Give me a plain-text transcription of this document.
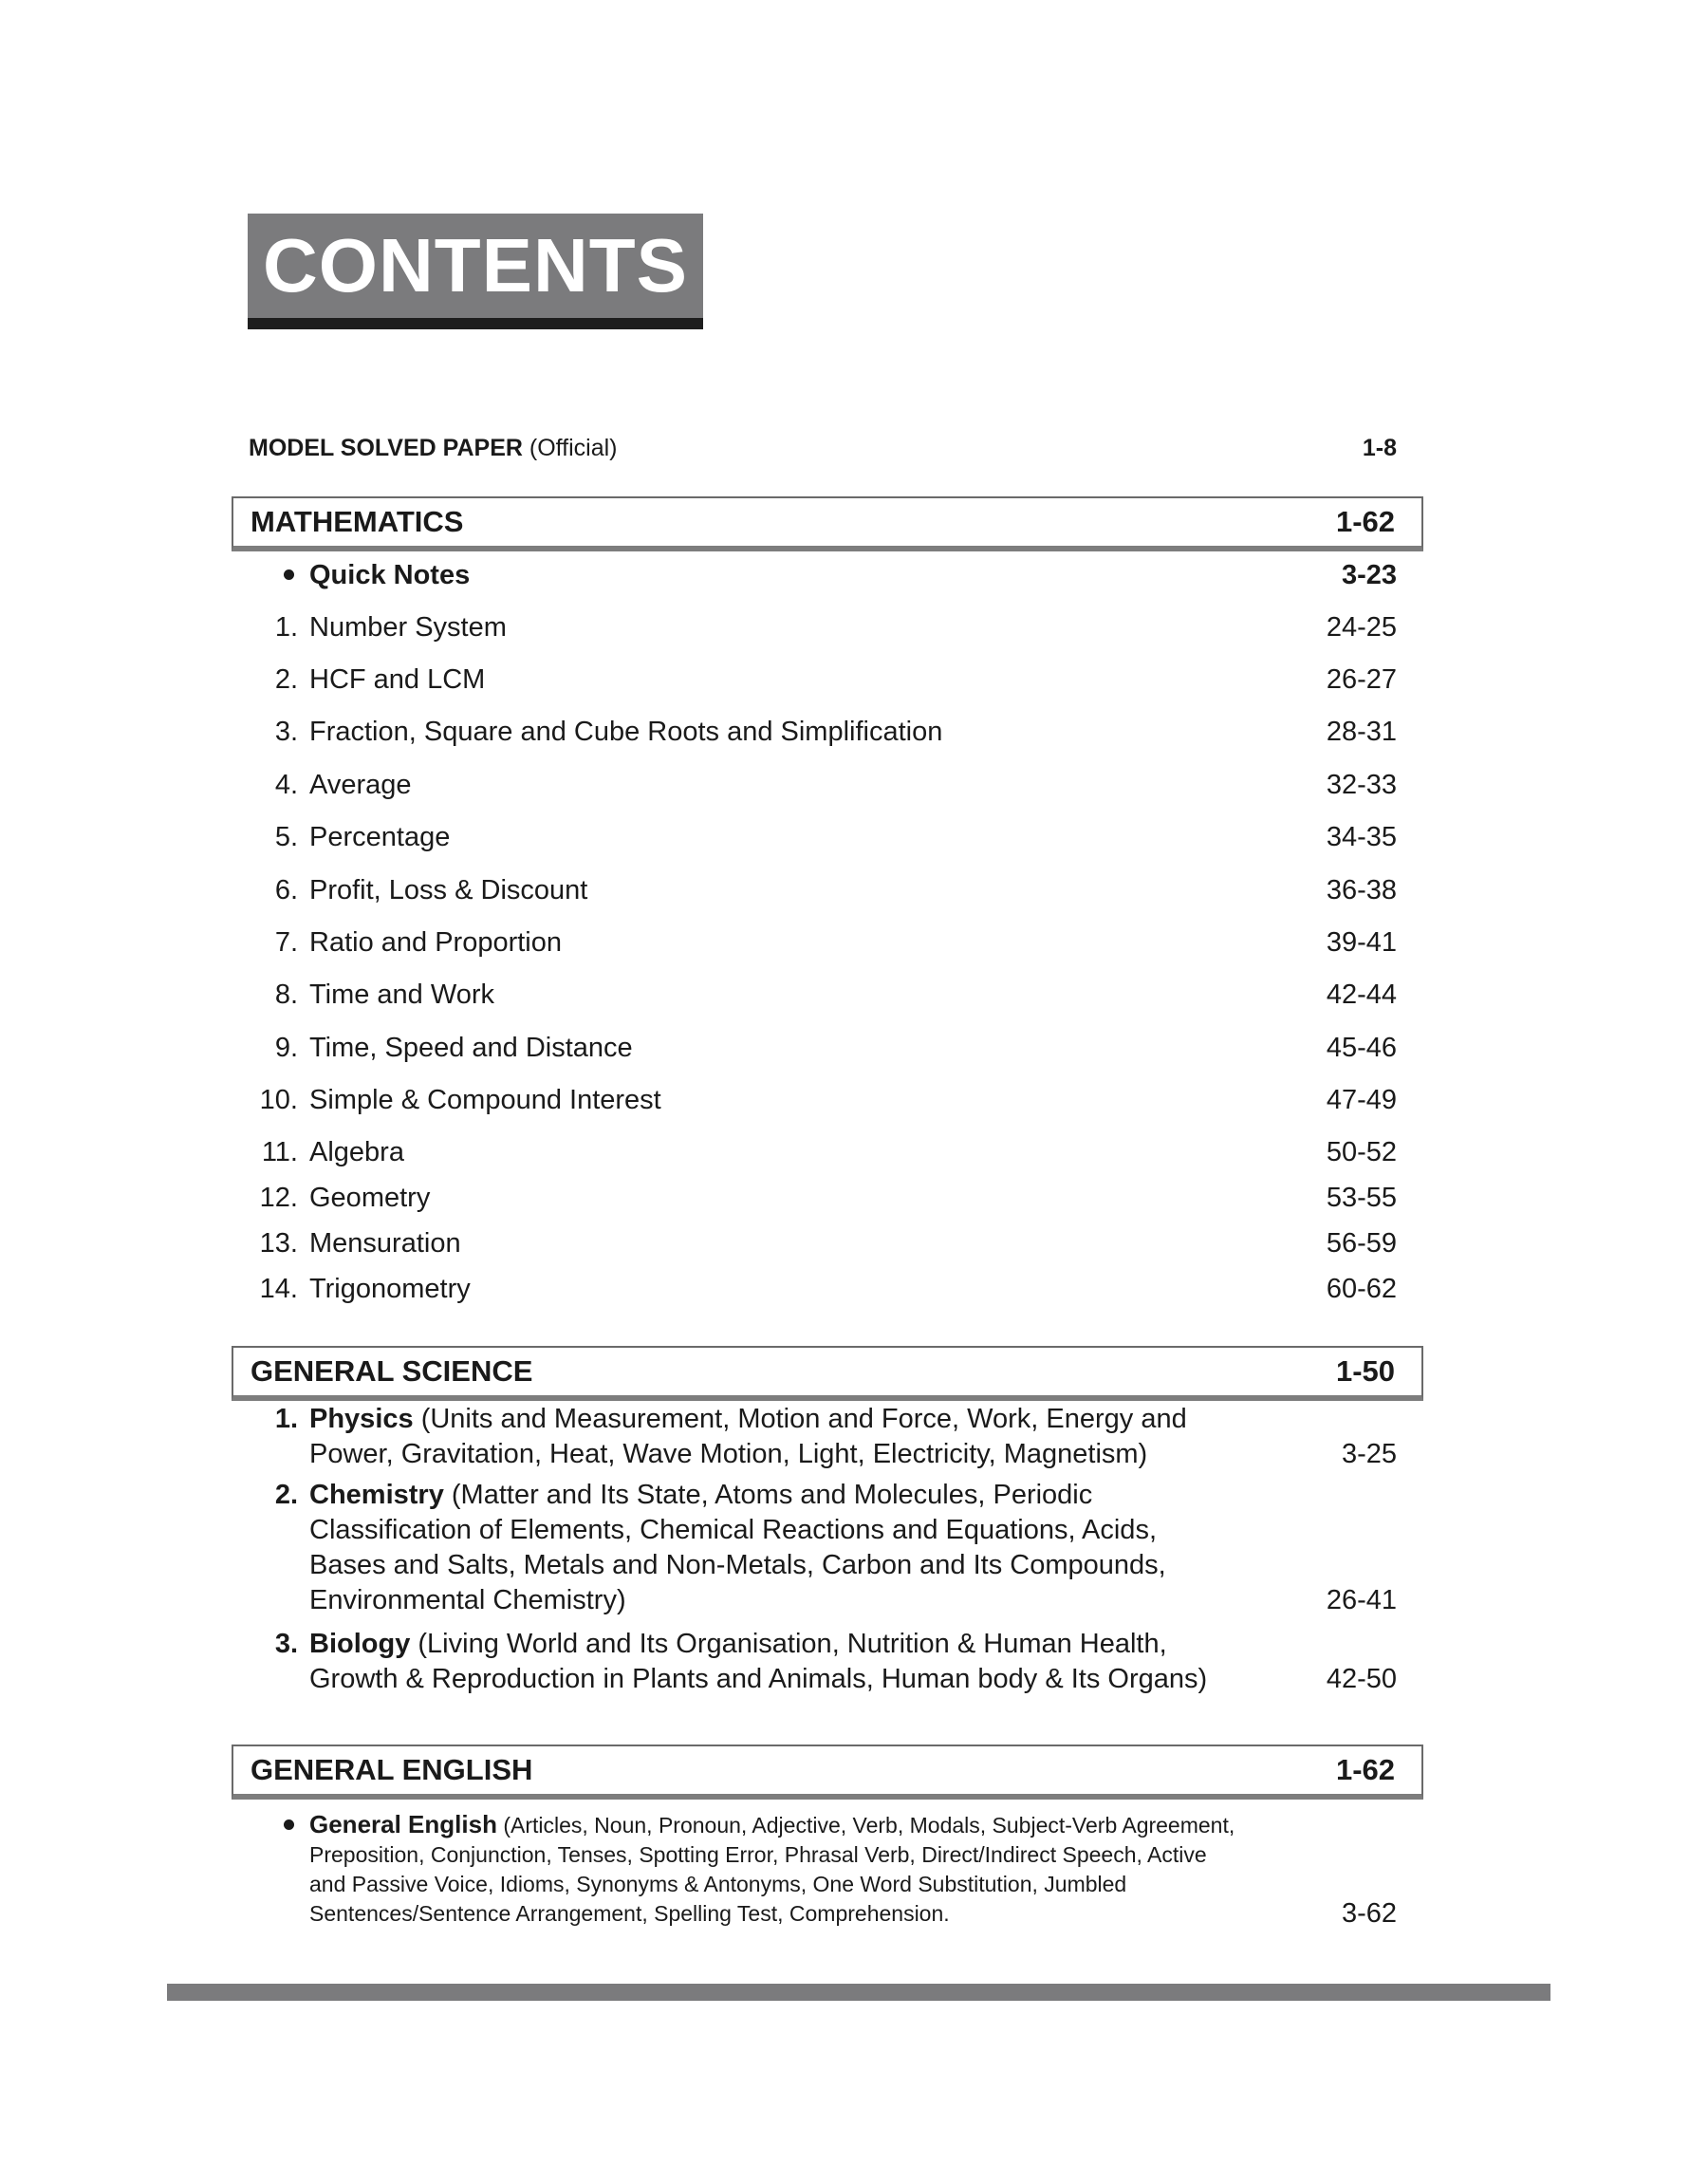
CONTENTS
MODEL SOLVED PAPER (Official)	1-8
MATHEMATICS	1-62
Quick Notes	3-23
1. Number System	24-25
2. HCF and LCM	26-27
3. Fraction, Square and Cube Roots and Simplification	28-31
4. Average	32-33
5. Percentage	34-35
6. Profit, Loss & Discount	36-38
7. Ratio and Proportion	39-41
8. Time and Work	42-44
9. Time, Speed and Distance	45-46
10. Simple & Compound Interest	47-49
11. Algebra	50-52
12. Geometry	53-55
13. Mensuration	56-59
14. Trigonometry	60-62
GENERAL SCIENCE	1-50
1. Physics (Units and Measurement, Motion and Force, Work, Energy and Power, Gravitation, Heat, Wave Motion, Light, Electricity, Magnetism)	3-25
2. Chemistry (Matter and Its State, Atoms and Molecules, Periodic Classification of Elements, Chemical Reactions and Equations, Acids, Bases and Salts, Metals and Non-Metals, Carbon and Its Compounds, Environmental Chemistry)	26-41
3. Biology (Living World and Its Organisation, Nutrition & Human Health, Growth & Reproduction in Plants and Animals, Human body & Its Organs)	42-50
GENERAL ENGLISH	1-62
General English (Articles, Noun, Pronoun, Adjective, Verb, Modals, Subject-Verb Agreement, Preposition, Conjunction, Tenses, Spotting Error, Phrasal Verb, Direct/Indirect Speech, Active and Passive Voice, Idioms, Synonyms & Antonyms, One Word Substitution, Jumbled Sentences/Sentence Arrangement, Spelling Test, Comprehension.	3-62
